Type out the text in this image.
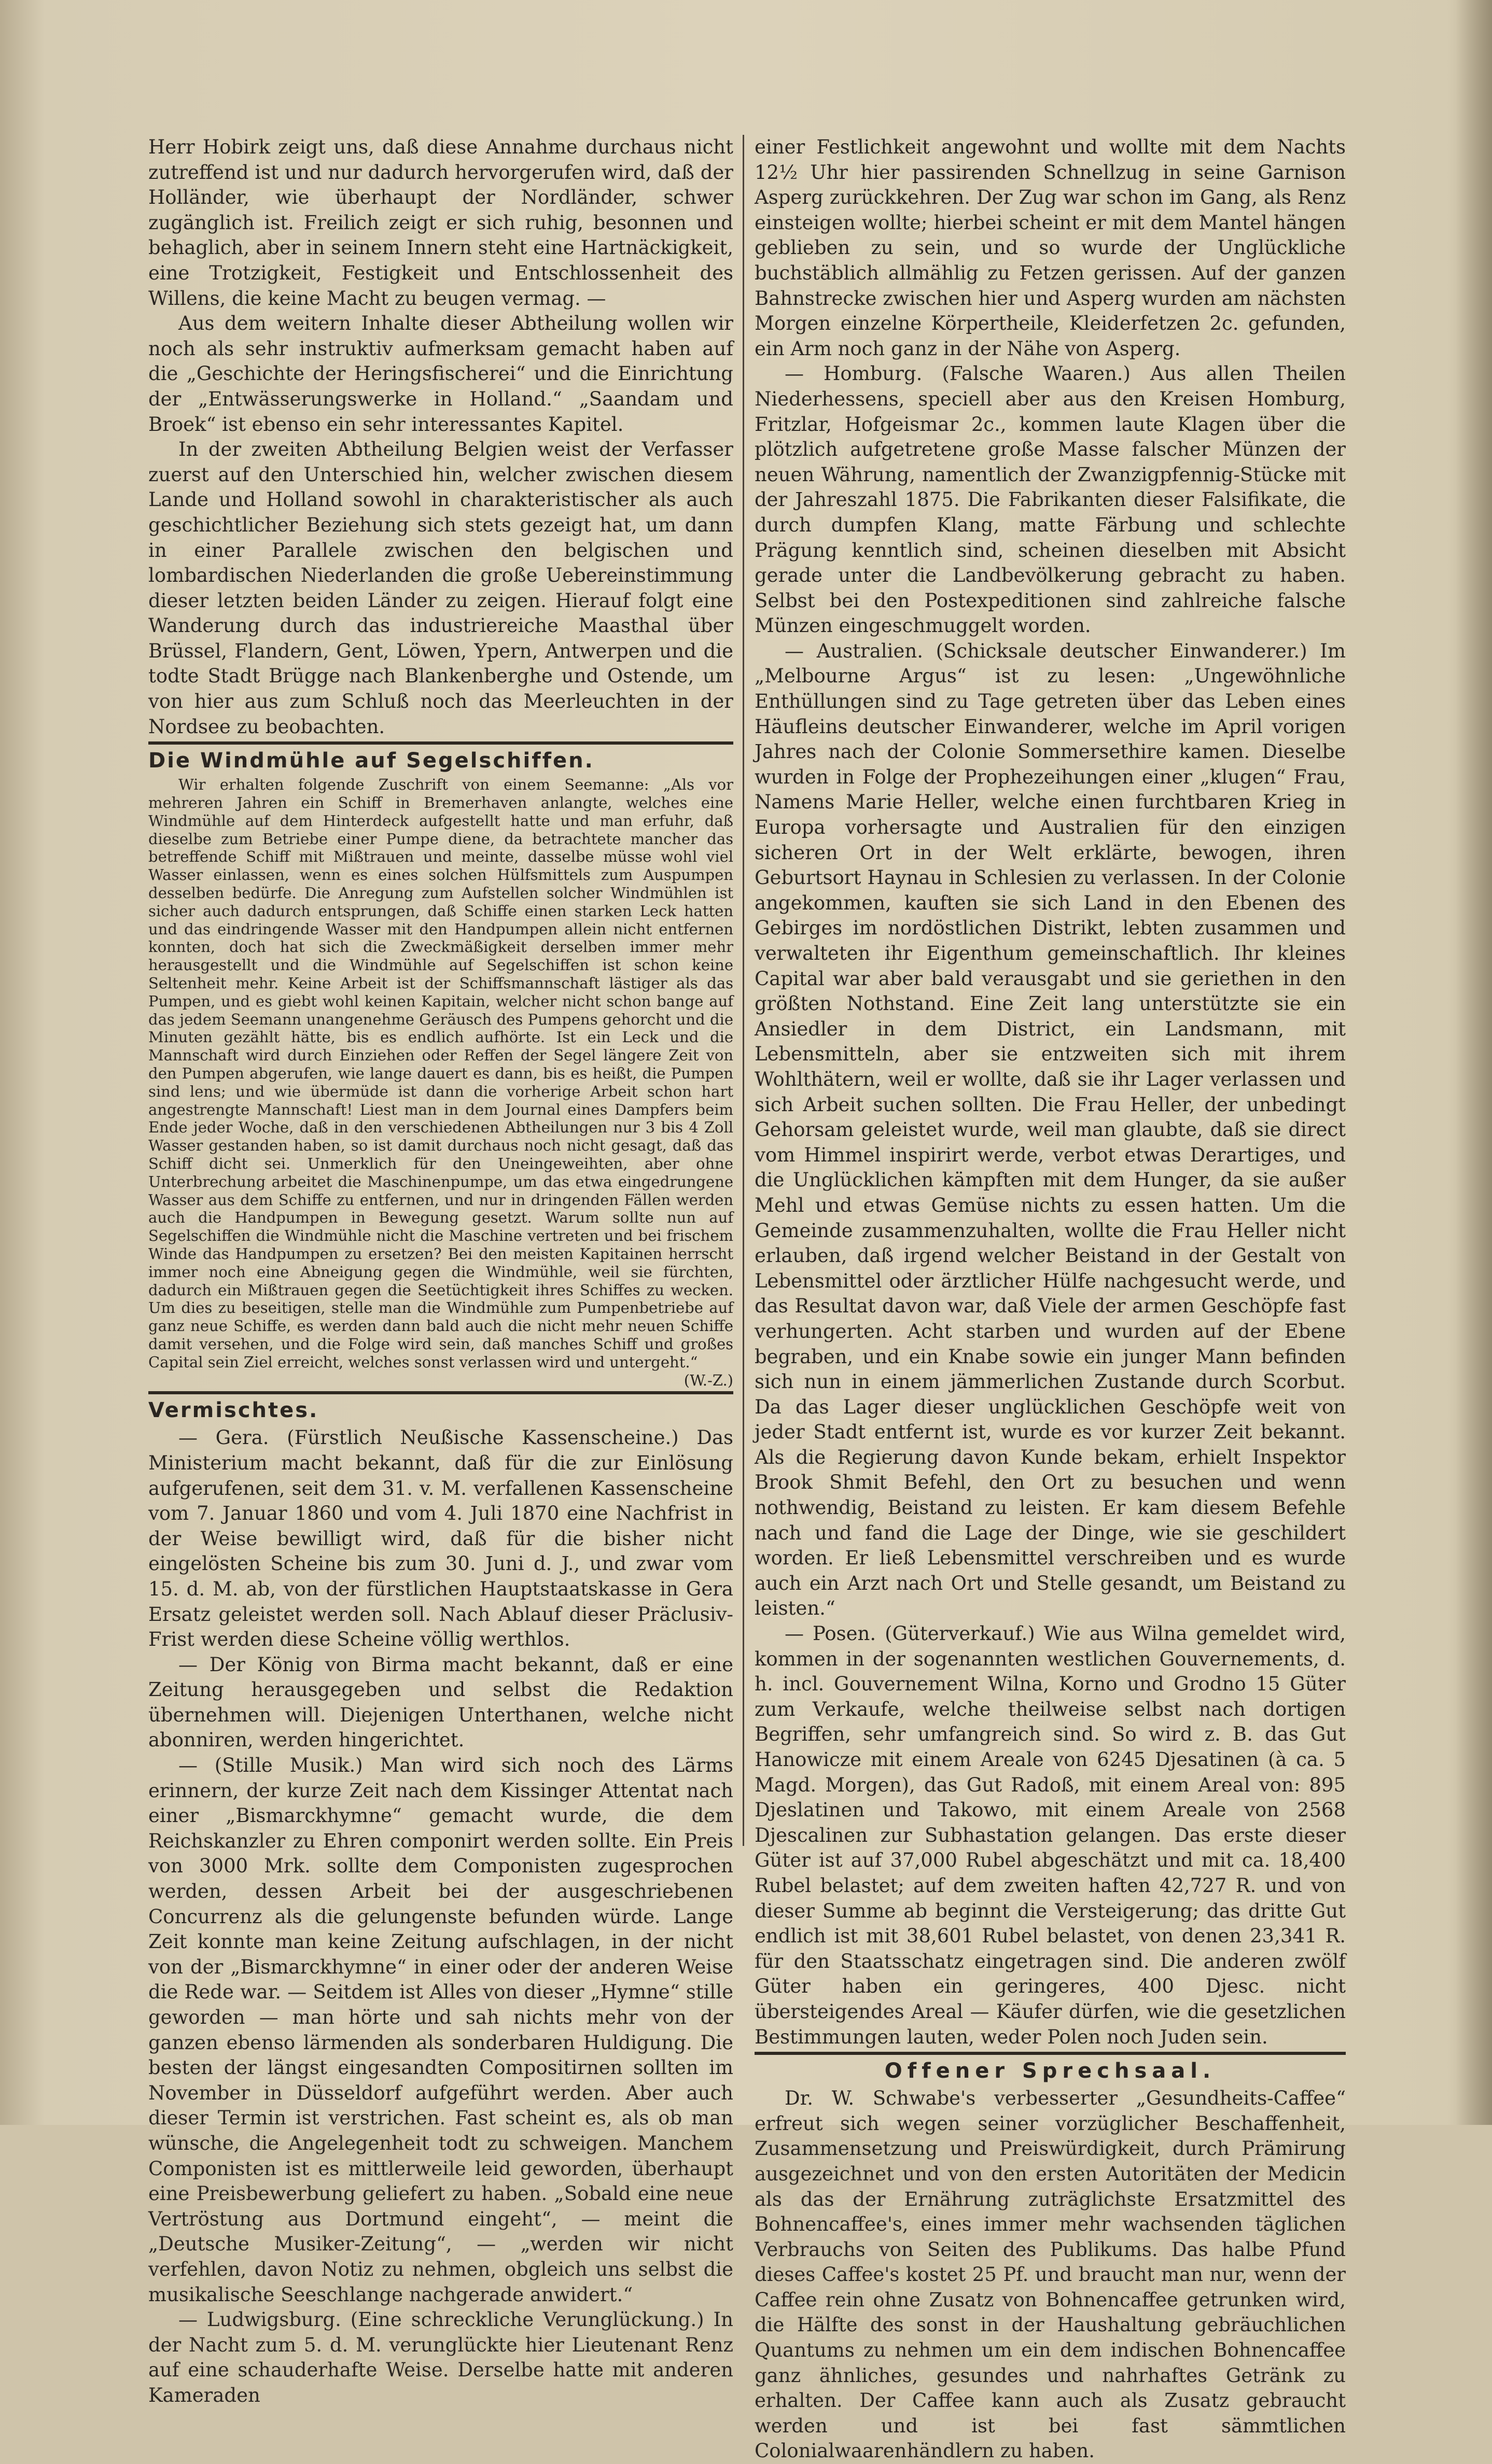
Herr Hobirk zeigt uns, daß diese Annahme durchaus nicht zutreffend ist und nur dadurch hervorgerufen wird, daß der Holländer, wie überhaupt der Nordländer, schwer zugänglich ist. Freilich zeigt er sich ruhig, besonnen und behaglich, aber in seinem Innern steht eine Hartnäckigkeit, eine Trotzigkeit, Festigkeit und Entschlossenheit des Willens, die keine Macht zu beugen vermag. —

Aus dem weitern Inhalte dieser Abtheilung wollen wir noch als sehr instruktiv aufmerksam gemacht haben auf die „Geschichte der Heringsfischerei“ und die Einrichtung der „Entwässerungswerke in Holland.“ „Saandam und Broek“ ist ebenso ein sehr interessantes Kapitel.

In der zweiten Abtheilung Belgien weist der Verfasser zuerst auf den Unterschied hin, welcher zwischen diesem Lande und Holland sowohl in charakteristischer als auch geschichtlicher Beziehung sich stets gezeigt hat, um dann in einer Parallele zwischen den belgischen und lombardischen Niederlanden die große Uebereinstimmung dieser letzten beiden Länder zu zeigen. Hierauf folgt eine Wanderung durch das industriereiche Maasthal über Brüssel, Flandern, Gent, Löwen, Ypern, Antwerpen und die todte Stadt Brügge nach Blankenberghe und Ostende, um von hier aus zum Schluß noch das Meerleuchten in der Nordsee zu beobachten.

Die Windmühle auf Segelschiffen.

Wir erhalten folgende Zuschrift von einem Seemanne: „Als vor mehreren Jahren ein Schiff in Bremerhaven anlangte, welches eine Windmühle auf dem Hinterdeck aufgestellt hatte und man erfuhr, daß dieselbe zum Betriebe einer Pumpe diene, da betrachtete mancher das betreffende Schiff mit Mißtrauen und meinte, dasselbe müsse wohl viel Wasser einlassen, wenn es eines solchen Hülfsmittels zum Auspumpen desselben bedürfe. Die Anregung zum Aufstellen solcher Windmühlen ist sicher auch dadurch entsprungen, daß Schiffe einen starken Leck hatten und das eindringende Wasser mit den Handpumpen allein nicht entfernen konnten, doch hat sich die Zweckmäßigkeit derselben immer mehr herausgestellt und die Windmühle auf Segelschiffen ist schon keine Seltenheit mehr. Keine Arbeit ist der Schiffsmannschaft lästiger als das Pumpen, und es giebt wohl keinen Kapitain, welcher nicht schon bange auf das jedem Seemann unangenehme Geräusch des Pumpens gehorcht und die Minuten gezählt hätte, bis es endlich aufhörte. Ist ein Leck und die Mannschaft wird durch Einziehen oder Reffen der Segel längere Zeit von den Pumpen abgerufen, wie lange dauert es dann, bis es heißt, die Pumpen sind lens; und wie übermüde ist dann die vorherige Arbeit schon hart angestrengte Mannschaft! Liest man in dem Journal eines Dampfers beim Ende jeder Woche, daß in den verschiedenen Abtheilungen nur 3 bis 4 Zoll Wasser gestanden haben, so ist damit durchaus noch nicht gesagt, daß das Schiff dicht sei. Unmerklich für den Uneingeweihten, aber ohne Unterbrechung arbeitet die Maschinenpumpe, um das etwa eingedrungene Wasser aus dem Schiffe zu entfernen, und nur in dringenden Fällen werden auch die Handpumpen in Bewegung gesetzt. Warum sollte nun auf Segelschiffen die Windmühle nicht die Maschine vertreten und bei frischem Winde das Handpumpen zu ersetzen? Bei den meisten Kapitainen herrscht immer noch eine Abneigung gegen die Windmühle, weil sie fürchten, dadurch ein Mißtrauen gegen die Seetüchtigkeit ihres Schiffes zu wecken. Um dies zu beseitigen, stelle man die Windmühle zum Pumpenbetriebe auf ganz neue Schiffe, es werden dann bald auch die nicht mehr neuen Schiffe damit versehen, und die Folge wird sein, daß manches Schiff und großes Capital sein Ziel erreicht, welches sonst verlassen wird und untergeht.“

(W.-Z.)
Vermischtes.

— Gera. (Fürstlich Neußische Kassenscheine.) Das Ministerium macht bekannt, daß für die zur Einlösung aufgerufenen, seit dem 31. v. M. verfallenen Kassenscheine vom 7. Januar 1860 und vom 4. Juli 1870 eine Nachfrist in der Weise bewilligt wird, daß für die bisher nicht eingelösten Scheine bis zum 30. Juni d. J., und zwar vom 15. d. M. ab, von der fürstlichen Hauptstaatskasse in Gera Ersatz geleistet werden soll. Nach Ablauf dieser Präclusiv-Frist werden diese Scheine völlig werthlos.

— Der König von Birma macht bekannt, daß er eine Zeitung herausgegeben und selbst die Redaktion übernehmen will. Diejenigen Unterthanen, welche nicht abonniren, werden hingerichtet.

— (Stille Musik.) Man wird sich noch des Lärms erinnern, der kurze Zeit nach dem Kissinger Attentat nach einer „Bismarckhymne“ gemacht wurde, die dem Reichskanzler zu Ehren componirt werden sollte. Ein Preis von 3000 Mrk. sollte dem Componisten zugesprochen werden, dessen Arbeit bei der ausgeschriebenen Concurrenz als die gelungenste befunden würde. Lange Zeit konnte man keine Zeitung aufschlagen, in der nicht von der „Bismarckhymne“ in einer oder der anderen Weise die Rede war. — Seitdem ist Alles von dieser „Hymne“ stille geworden — man hörte und sah nichts mehr von der ganzen ebenso lärmenden als sonderbaren Huldigung. Die besten der längst eingesandten Compositirnen sollten im November in Düsseldorf aufgeführt werden. Aber auch dieser Termin ist verstrichen. Fast scheint es, als ob man wünsche, die Angelegenheit todt zu schweigen. Manchem Componisten ist es mittlerweile leid geworden, überhaupt eine Preisbewerbung geliefert zu haben. „Sobald eine neue Vertröstung aus Dortmund eingeht“, — meint die „Deutsche Musiker-Zeitung“, — „werden wir nicht verfehlen, davon Notiz zu nehmen, obgleich uns selbst die musikalische Seeschlange nachgerade anwidert.“

— Ludwigsburg. (Eine schreckliche Verunglückung.) In der Nacht zum 5. d. M. verunglückte hier Lieutenant Renz auf eine schauderhafte Weise. Derselbe hatte mit anderen Kameraden

einer Festlichkeit angewohnt und wollte mit dem Nachts 12½ Uhr hier passirenden Schnellzug in seine Garnison Asperg zurückkehren. Der Zug war schon im Gang, als Renz einsteigen wollte; hierbei scheint er mit dem Mantel hängen geblieben zu sein, und so wurde der Unglückliche buchstäblich allmählig zu Fetzen gerissen. Auf der ganzen Bahnstrecke zwischen hier und Asperg wurden am nächsten Morgen einzelne Körpertheile, Kleiderfetzen 2c. gefunden, ein Arm noch ganz in der Nähe von Asperg.

— Homburg. (Falsche Waaren.) Aus allen Theilen Niederhessens, speciell aber aus den Kreisen Homburg, Fritzlar, Hofgeismar 2c., kommen laute Klagen über die plötzlich aufgetretene große Masse falscher Münzen der neuen Währung, namentlich der Zwanzigpfennig-Stücke mit der Jahreszahl 1875. Die Fabrikanten dieser Falsifikate, die durch dumpfen Klang, matte Färbung und schlechte Prägung kenntlich sind, scheinen dieselben mit Absicht gerade unter die Landbevölkerung gebracht zu haben. Selbst bei den Postexpeditionen sind zahlreiche falsche Münzen eingeschmuggelt worden.

— Australien. (Schicksale deutscher Einwanderer.) Im „Melbourne Argus“ ist zu lesen: „Ungewöhnliche Enthüllungen sind zu Tage getreten über das Leben eines Häufleins deutscher Einwanderer, welche im April vorigen Jahres nach der Colonie Sommersethire kamen. Dieselbe wurden in Folge der Prophezeihungen einer „klugen“ Frau, Namens Marie Heller, welche einen furchtbaren Krieg in Europa vorhersagte und Australien für den einzigen sicheren Ort in der Welt erklärte, bewogen, ihren Geburtsort Haynau in Schlesien zu verlassen. In der Colonie angekommen, kauften sie sich Land in den Ebenen des Gebirges im nordöstlichen Distrikt, lebten zusammen und verwalteten ihr Eigenthum gemeinschaftlich. Ihr kleines Capital war aber bald verausgabt und sie geriethen in den größten Nothstand. Eine Zeit lang unterstützte sie ein Ansiedler in dem District, ein Landsmann, mit Lebensmitteln, aber sie entzweiten sich mit ihrem Wohlthätern, weil er wollte, daß sie ihr Lager verlassen und sich Arbeit suchen sollten. Die Frau Heller, der unbedingt Gehorsam geleistet wurde, weil man glaubte, daß sie direct vom Himmel inspirirt werde, verbot etwas Derartiges, und die Unglücklichen kämpften mit dem Hunger, da sie außer Mehl und etwas Gemüse nichts zu essen hatten. Um die Gemeinde zusammenzuhalten, wollte die Frau Heller nicht erlauben, daß irgend welcher Beistand in der Gestalt von Lebensmittel oder ärztlicher Hülfe nachgesucht werde, und das Resultat davon war, daß Viele der armen Geschöpfe fast verhungerten. Acht starben und wurden auf der Ebene begraben, und ein Knabe sowie ein junger Mann befinden sich nun in einem jämmerlichen Zustande durch Scorbut. Da das Lager dieser unglücklichen Geschöpfe weit von jeder Stadt entfernt ist, wurde es vor kurzer Zeit bekannt. Als die Regierung davon Kunde bekam, erhielt Inspektor Brook Shmit Befehl, den Ort zu besuchen und wenn nothwendig, Beistand zu leisten. Er kam diesem Befehle nach und fand die Lage der Dinge, wie sie geschildert worden. Er ließ Lebensmittel verschreiben und es wurde auch ein Arzt nach Ort und Stelle gesandt, um Beistand zu leisten.“

— Posen. (Güterverkauf.) Wie aus Wilna gemeldet wird, kommen in der sogenannten westlichen Gouvernements, d. h. incl. Gouvernement Wilna, Korno und Grodno 15 Güter zum Verkaufe, welche theilweise selbst nach dortigen Begriffen, sehr umfangreich sind. So wird z. B. das Gut Hanowicze mit einem Areale von 6245 Djesatinen (à ca. 5 Magd. Morgen), das Gut Radoß, mit einem Areal von: 895 Djeslatinen und Takowo, mit einem Areale von 2568 Djescalinen zur Subhastation gelangen. Das erste dieser Güter ist auf 37,000 Rubel abgeschätzt und mit ca. 18,400 Rubel belastet; auf dem zweiten haften 42,727 R. und von dieser Summe ab beginnt die Versteigerung; das dritte Gut endlich ist mit 38,601 Rubel belastet, von denen 23,341 R. für den Staatsschatz eingetragen sind. Die anderen zwölf Güter haben ein geringeres, 400 Djesc. nicht übersteigendes Areal — Käufer dürfen, wie die gesetzlichen Bestimmungen lauten, weder Polen noch Juden sein.

Offener Sprechsaal.

Dr. W. Schwabe's verbesserter „Gesundheits-Caffee“ erfreut sich wegen seiner vorzüglicher Beschaffenheit, Zusammensetzung und Preiswürdigkeit, durch Prämirung ausgezeichnet und von den ersten Autoritäten der Medicin als das der Ernährung zuträglichste Ersatzmittel des Bohnencaffee's, eines immer mehr wachsenden täglichen Verbrauchs von Seiten des Publikums. Das halbe Pfund dieses Caffee's kostet 25 Pf. und braucht man nur, wenn der Caffee rein ohne Zusatz von Bohnencaffee getrunken wird, die Hälfte des sonst in der Haushaltung gebräuchlichen Quantums zu nehmen um ein dem indischen Bohnencaffee ganz ähnliches, gesundes und nahrhaftes Getränk zu erhalten. Der Caffee kann auch als Zusatz gebraucht werden und ist bei fast sämmtlichen Colonialwaarenhändlern zu haben.
